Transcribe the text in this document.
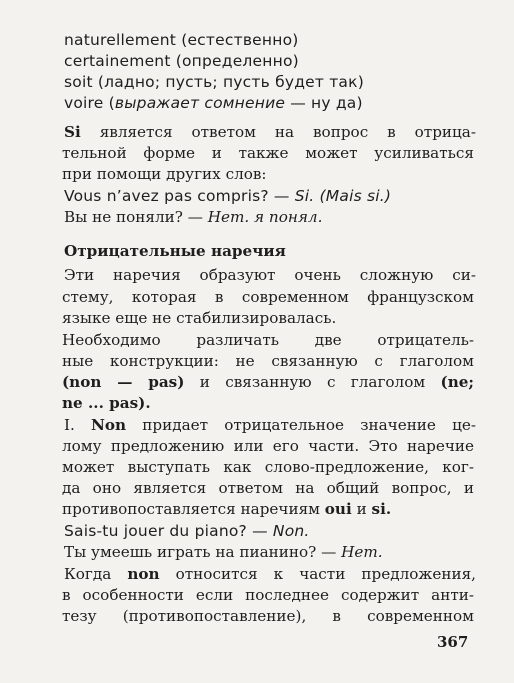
naturellement (естественно)
certainement (определенно)
soit (ладно; пусть; пусть будет так)
voire (выражает сомнение — ну да)
Si является ответом на вопрос в отрица-
тельной форме и также может усиливаться
при помощи других слов:
Vous n’avez pas compris? — Si. (Mais si.)
Вы не поняли? — Нет. я понял.
Отрицательные наречия
Эти наречия образуют очень сложную си-
стему, которая в современном французском
языке еще не стабилизировалась.
Необходимо различать две отрицатель-
ные конструкции: не связанную с глаголом
(non — pas) и связанную с глаголом (ne;
ne ... pas).
I. Non придает отрицательное значение це-
лому предложению или его части. Это наречие
может выступать как слово-предложение, ког-
да оно является ответом на общий вопрос, и
противопоставляется наречиям oui и si.
Sais-tu jouer du piano? — Non.
Ты умеешь играть на пианино? — Нет.
Когда non относится к части предложения,
в особенности если последнее содержит анти-
тезу (противопоставление), в современном
367
